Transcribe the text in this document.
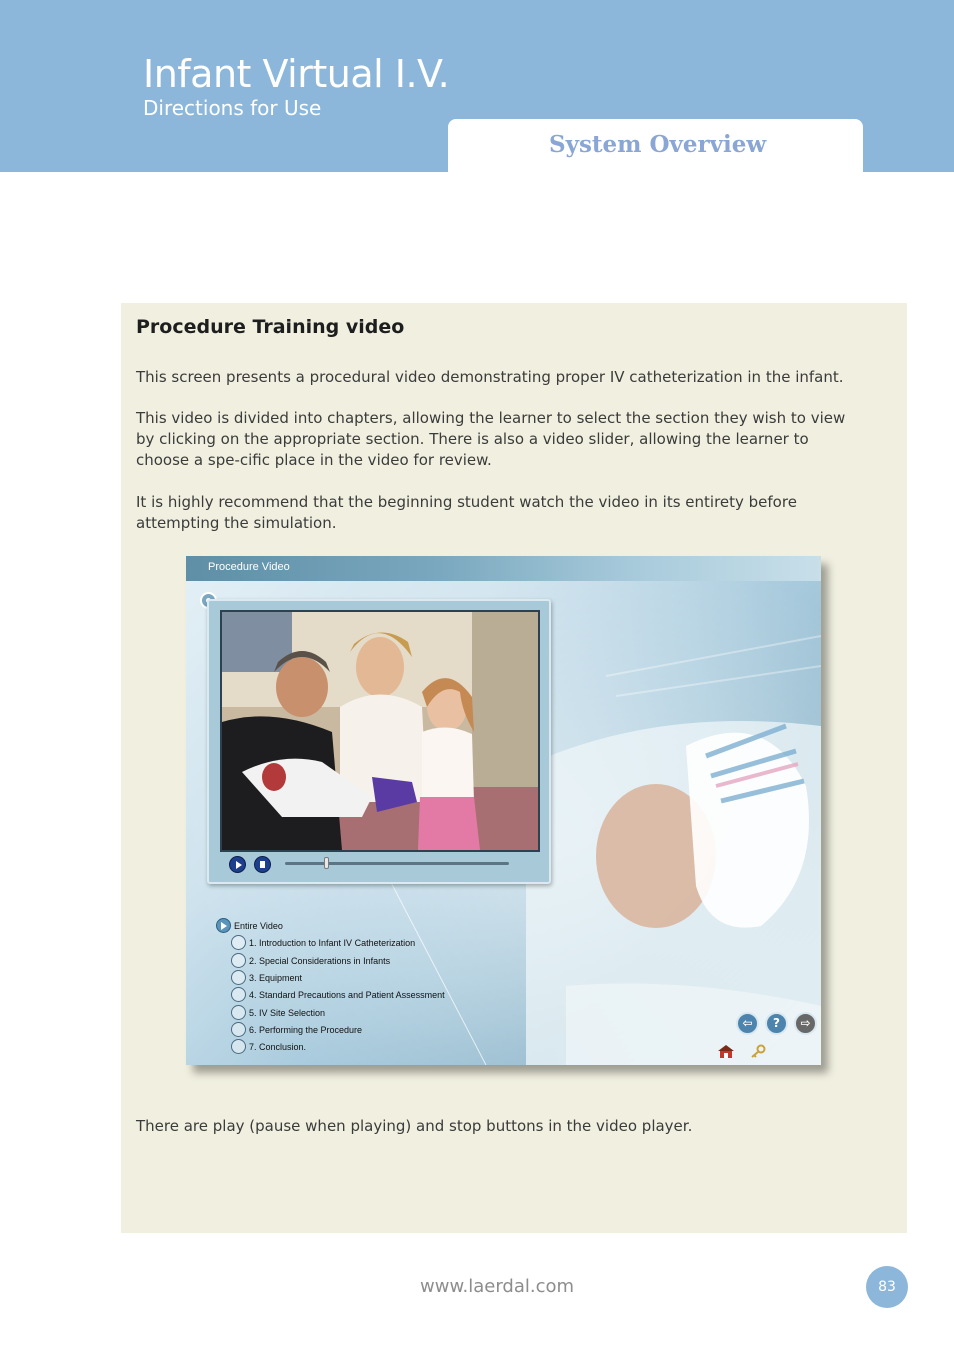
Infant Virtual I.V.
Directions for Use
System Overview
Procedure Training video

This screen presents a procedural video demonstrating proper IV catheterization in the infant.

This video is divided into chapters, allowing the learner to select the section they wish to view by clicking on the appropriate section. There is also a video slider, allowing the learner to choose a spe-cific place in the video for review.

It is highly recommend that the beginning student watch the video in its entirety before attempting the simulation.

Procedure Video
Entire Video
1. Introduction to Infant IV Catheterization
2. Special Considerations in Infants
3. Equipment
4. Standard Precautions and Patient Assessment
5. IV Site Selection
6. Performing the Procedure
7. Conclusion.
⇦	?	⇨

There are play (pause when playing) and stop buttons in the video player.

www.laerdal.com	83
